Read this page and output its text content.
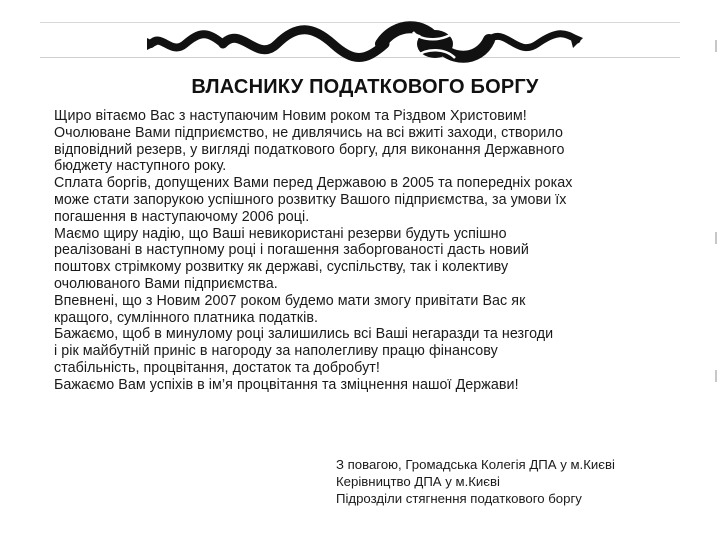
ВЛАСНИКУ ПОДАТКОВОГО БОРГУ

Щиро вітаємо Вас з наступаючим Новим роком та Різдвом Христовим!

Очолюване Вами підприємство, не дивлячись на всі вжиті заходи, створило

відповідний резерв, у вигляді податкового боргу, для виконання Державного

бюджету наступного року.

Сплата боргів, допущених Вами перед Державою в 2005 та попередніх роках

може стати запорукою успішного розвитку Вашого підприємства, за умови їх

погашення в наступаючому 2006 році.

Маємо щиру надію, що Ваші невикористані резерви будуть успішно

реалізовані в наступному році і погашення заборгованості дасть новий

поштовх стрімкому розвитку як державі, суспільству, так і колективу

очолюваного Вами підприємства.

Впевнені, що з Новим 2007 роком будемо мати змогу привітати Вас як

кращого, сумлінного платника податків.

Бажаємо, щоб в минулому році залишились всі Ваші негаразди та незгоди

і рік майбутній приніс в нагороду за наполегливу працю фінансову

стабільність, процвітання, достаток та добробут!

Бажаємо Вам успіхів в ім’я процвітання та зміцнення нашої Держави!

З повагою, Громадська Колегія ДПА у м.Києві

Керівництво ДПА у м.Києві

Підрозділи стягнення податкового боргу
